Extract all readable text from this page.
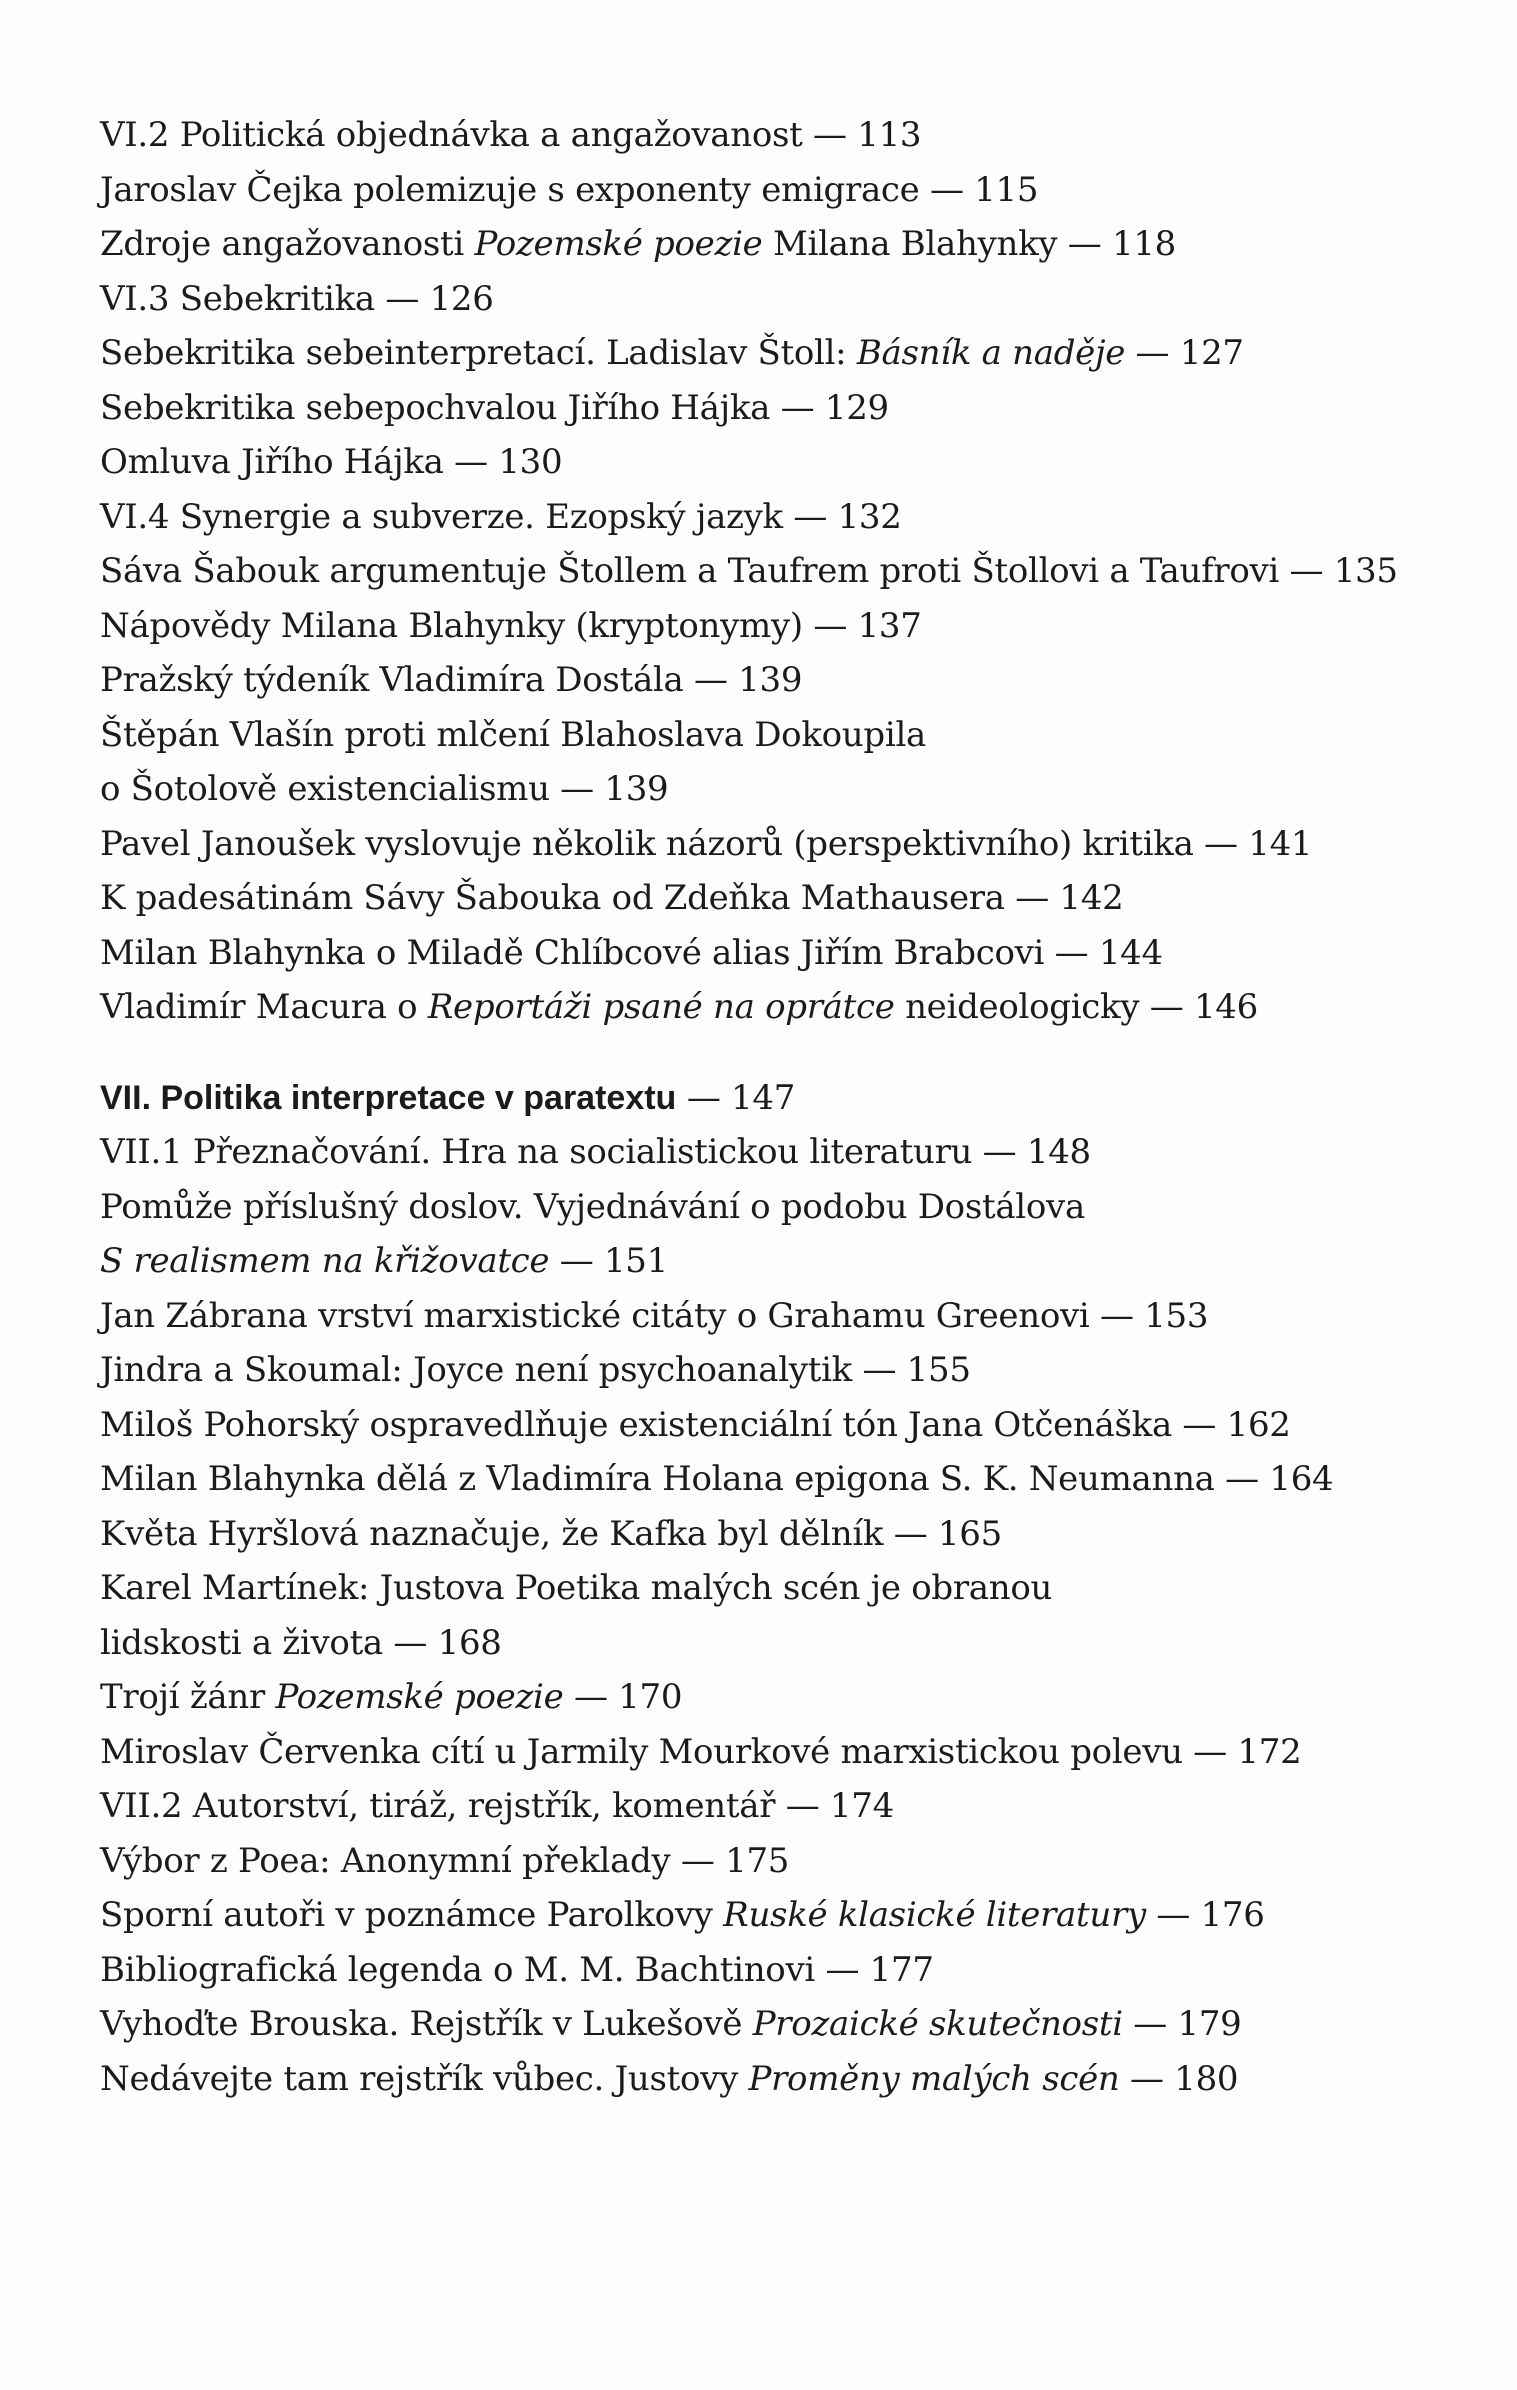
VI.2 Politická objednávka a angažovanost — 113
Jaroslav Čejka polemizuje s exponenty emigrace — 115
Zdroje angažovanosti Pozemské poezie Milana Blahynky — 118
VI.3 Sebekritika — 126
Sebekritika sebeinterpretací. Ladislav Štoll: Básník a naděje — 127
Sebekritika sebepochvalou Jiřího Hájka — 129
Omluva Jiřího Hájka — 130
VI.4 Synergie a subverze. Ezopský jazyk — 132
Sáva Šabouk argumentuje Štollem a Taufrem proti Štollovi a Taufrovi — 135
Nápovědy Milana Blahynky (kryptonymy) — 137
Pražský týdeník Vladimíra Dostála — 139
Štěpán Vlašín proti mlčení Blahoslava Dokoupila
o Šotolově existencialismu — 139
Pavel Janoušek vyslovuje několik názorů (perspektivního) kritika — 141
K padesátinám Sávy Šabouka od Zdeňka Mathausera — 142
Milan Blahynka o Miladě Chlíbcové alias Jiřím Brabcovi — 144
Vladimír Macura o Reportáži psané na oprátce neideologicky — 146
VII. Politika interpretace v paratextu — 147
VII.1 Přeznačování. Hra na socialistickou literaturu — 148
Pomůže příslušný doslov. Vyjednávání o podobu Dostálova
S realismem na křižovatce — 151
Jan Zábrana vrství marxistické citáty o Grahamu Greenovi — 153
Jindra a Skoumal: Joyce není psychoanalytik — 155
Miloš Pohorský ospravedlňuje existenciální tón Jana Otčenáška — 162
Milan Blahynka dělá z Vladimíra Holana epigona S. K. Neumanna — 164
Květa Hyršlová naznačuje, že Kafka byl dělník — 165
Karel Martínek: Justova Poetika malých scén je obranou
lidskosti a života — 168
Trojí žánr Pozemské poezie — 170
Miroslav Červenka cítí u Jarmily Mourkové marxistickou polevu — 172
VII.2 Autorství, tiráž, rejstřík, komentář — 174
Výbor z Poea: Anonymní překlady — 175
Sporní autoři v poznámce Parolkovy Ruské klasické literatury — 176
Bibliografická legenda o M. M. Bachtinovi — 177
Vyhoďte Brouska. Rejstřík v Lukešově Prozaické skutečnosti — 179
Nedávejte tam rejstřík vůbec. Justovy Proměny malých scén — 180
